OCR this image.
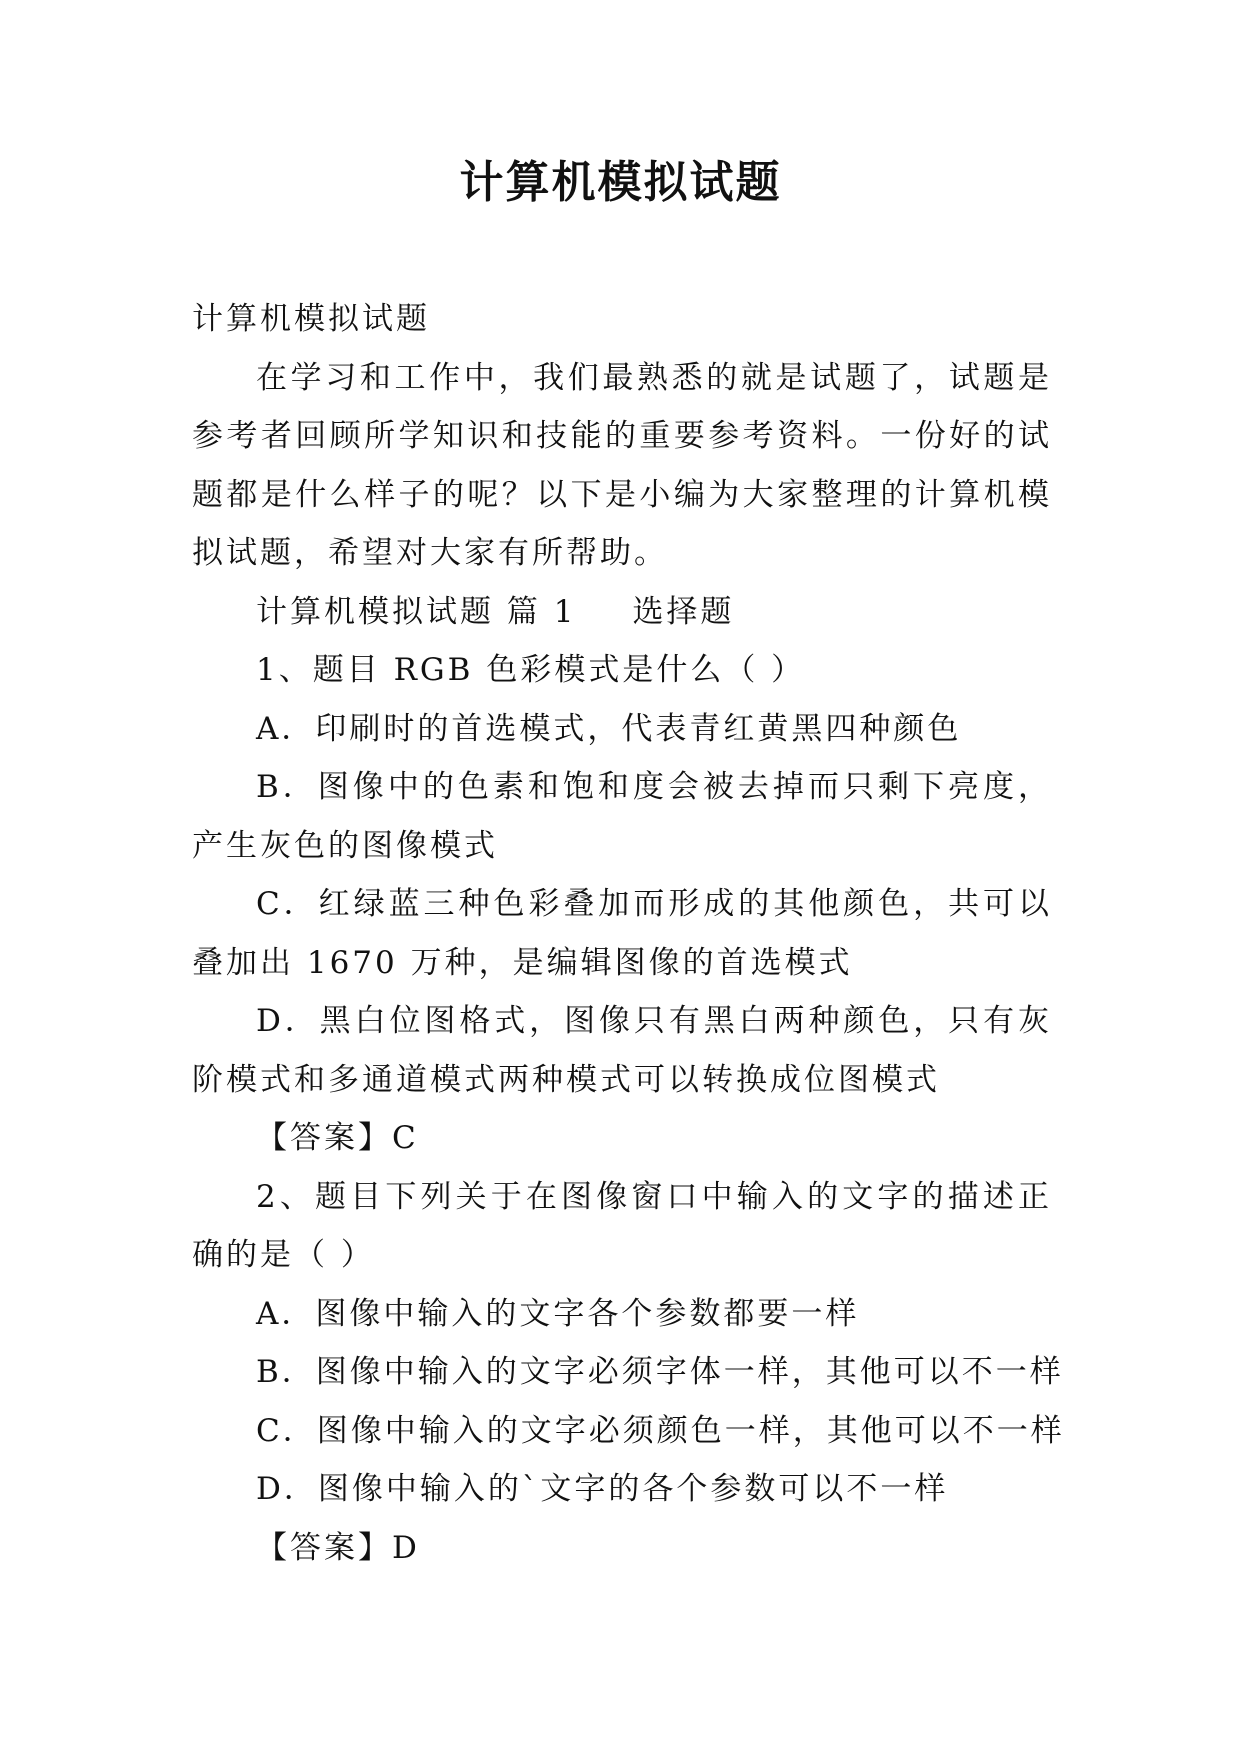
计算机模拟试题

计算机模拟试题

在学习和工作中，我们最熟悉的就是试题了，试题是参考者回顾所学知识和技能的重要参考资料。一份好的试题都是什么样子的呢？以下是小编为大家整理的计算机模拟试题，希望对大家有所帮助。

计算机模拟试题 篇 1 选择题

1、题目 RGB 色彩模式是什么（ ）

A．印刷时的首选模式，代表青红黄黑四种颜色

B．图像中的色素和饱和度会被去掉而只剩下亮度，产生灰色的图像模式

C．红绿蓝三种色彩叠加而形成的其他颜色，共可以叠加出 1670 万种，是编辑图像的首选模式

D．黑白位图格式，图像只有黑白两种颜色，只有灰阶模式和多通道模式两种模式可以转换成位图模式

【答案】C

2、题目下列关于在图像窗口中输入的文字的描述正确的是（ ）

A．图像中输入的文字各个参数都要一样

B．图像中输入的文字必须字体一样，其他可以不一样

C．图像中输入的文字必须颜色一样，其他可以不一样

D．图像中输入的`文字的各个参数可以不一样

【答案】D
